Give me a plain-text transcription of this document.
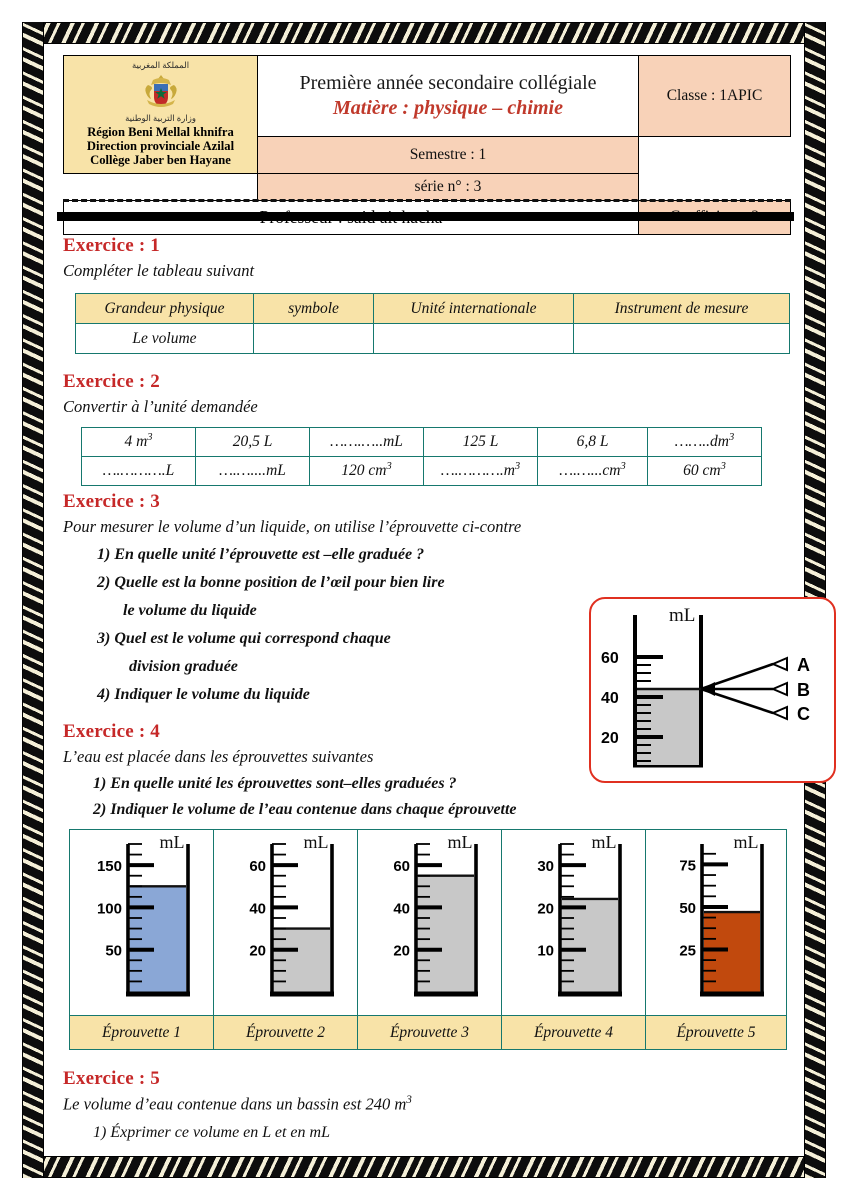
المملكة المغربية
وزارة التربية الوطنية
Région Beni Mellal khnifra
Direction provinciale Azilal
Collège Jaber ben Hayane

Première année secondaire collégiale
Matière : physique – chimie
	Classe : 1APIC
	Semestre : 1	
	série n° : 3	

Exercice : 1
Compléter le tableau suivant
Grandeur physique	symbole	Unité internationale	Instrument de mesure
Le volume			
Exercice : 2
Convertir à l’unité demandée
4 $m^3$	20,5 L	…….…..mL	125 L	6,8 L	$\dots\dots..dm^3$
….……….L	….…....mL	120 $cm^3$	$\dots.\dots\dots\dots.m^3$	$\dots.\dots...cm^3$	60 $cm^3$
Exercice : 3
Pour mesurer le volume d’un liquide, on utilise l’éprouvette ci-contre
1) En quelle unité l’éprouvette est –elle graduée ?
2) Quelle est la bonne position de l’œil pour bien lire
le volume du liquide
3) Quel est le volume qui correspond chaque
division graduée
4) Indiquer le volume du liquide
mL
60
40
20
A
B
C
Exercice : 4
L’eau est placée dans les éprouvettes suivantes
1) En quelle unité les éprouvettes sont–elles graduées ?
2) Indiquer le volume de l’eau contenue dans chaque éprouvette
mL
150
100
50	mL
60
40
20	mL
60
40
20	mL
30
20
10	mL
75
50
25

Éprouvette 1	Éprouvette 2	Éprouvette 3	Éprouvette 4	Éprouvette 5
Exercice : 5
Le volume d’eau contenue dans un bassin est 240 $m^3$
1) Éxprimer ce volume en L et en mL
